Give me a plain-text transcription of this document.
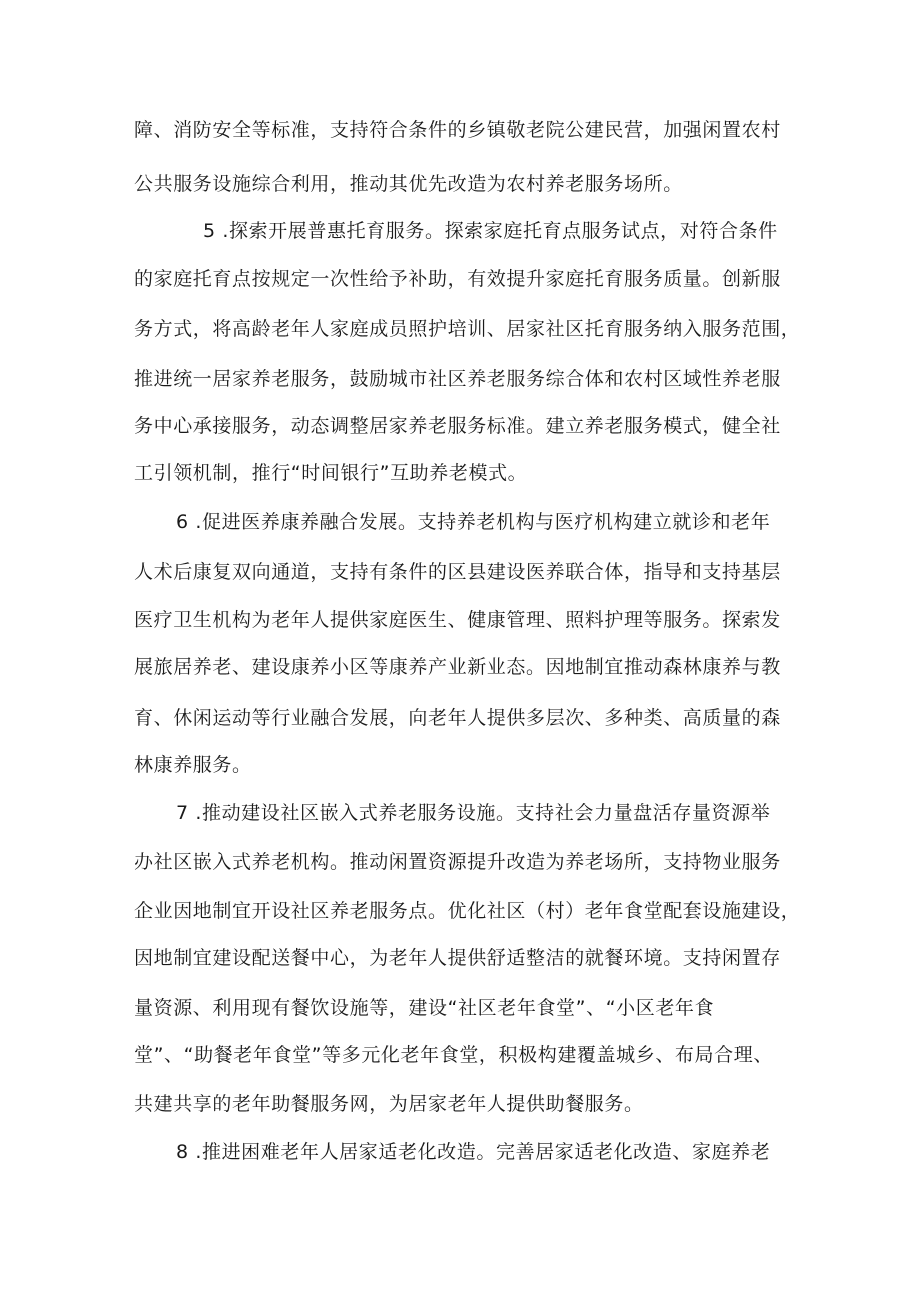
障、消防安全等标准，支持符合条件的乡镇敬老院公建民营，加强闲置农村
公共服务设施综合利用，推动其优先改造为农村养老服务场所。
5 .探索开展普惠托育服务。探索家庭托育点服务试点，对符合条件
的家庭托育点按规定一次性给予补助，有效提升家庭托育服务质量。创新服
务方式，将高龄老年人家庭成员照护培训、居家社区托育服务纳入服务范围，
推进统一居家养老服务，鼓励城市社区养老服务综合体和农村区域性养老服
务中心承接服务，动态调整居家养老服务标准。建立养老服务模式，健全社
工引领机制，推行“时间银行”互助养老模式。
6 .促进医养康养融合发展。支持养老机构与医疗机构建立就诊和老年
人术后康复双向通道，支持有条件的区县建设医养联合体，指导和支持基层
医疗卫生机构为老年人提供家庭医生、健康管理、照料护理等服务。探索发
展旅居养老、建设康养小区等康养产业新业态。因地制宜推动森林康养与教
育、休闲运动等行业融合发展，向老年人提供多层次、多种类、高质量的森
林康养服务。
7 .推动建设社区嵌入式养老服务设施。支持社会力量盘活存量资源举
办社区嵌入式养老机构。推动闲置资源提升改造为养老场所，支持物业服务
企业因地制宜开设社区养老服务点。优化社区（村）老年食堂配套设施建设，
因地制宜建设配送餐中心，为老年人提供舒适整洁的就餐环境。支持闲置存
量资源、利用现有餐饮设施等，建设“社区老年食堂”、“小区老年食
堂”、“助餐老年食堂”等多元化老年食堂，积极构建覆盖城乡、布局合理、
共建共享的老年助餐服务网，为居家老年人提供助餐服务。
8 .推进困难老年人居家适老化改造。完善居家适老化改造、家庭养老
